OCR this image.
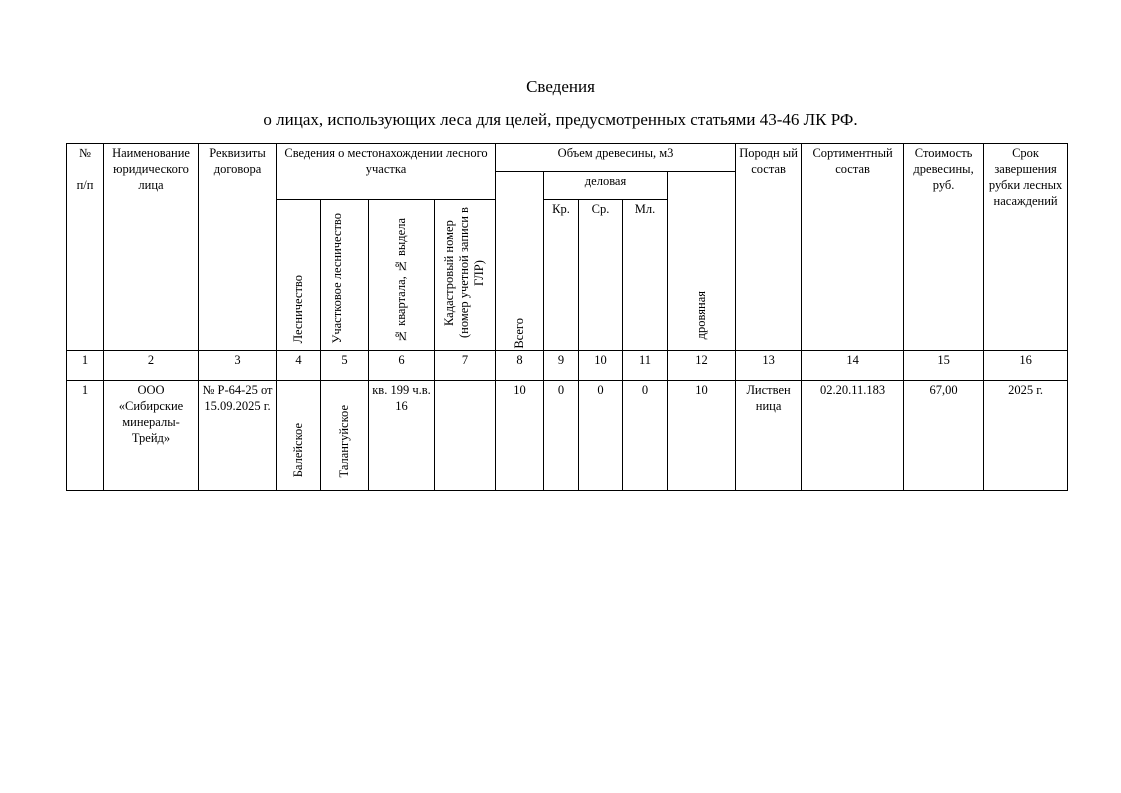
Сведения
о лицах, использующих леса для целей, предусмотренных статьями 43-46 ЛК РФ.
№

п/п	Наименование юридического лица	Реквизиты договора	Сведения о местонахождении лесного участка				Объем древесины, м3					Породн ый состав	Сортиментный состав	Стоимость древесины, руб.	Срок завершения рубки лесных насаждений

							Всего	деловая			дровяная				

			Лесничество	Участковое лесничество	№ квартала, № выдела	Кадастровый номер (номер учетной записи в ГЛР)		Кр.	Ср.	Мл.					
1	2	3	4	5	6	7	8	9	10	11	12	13	14	15	16
1	ООО «Сибирские минералы-Трейд»	№ Р-64-25 от 15.09.2025 г.	Балейское	Талангуйское	кв. 199 ч.в. 16		10	0	0	0	10	Листвен ница	02.20.11.183	67,00	2025 г.
